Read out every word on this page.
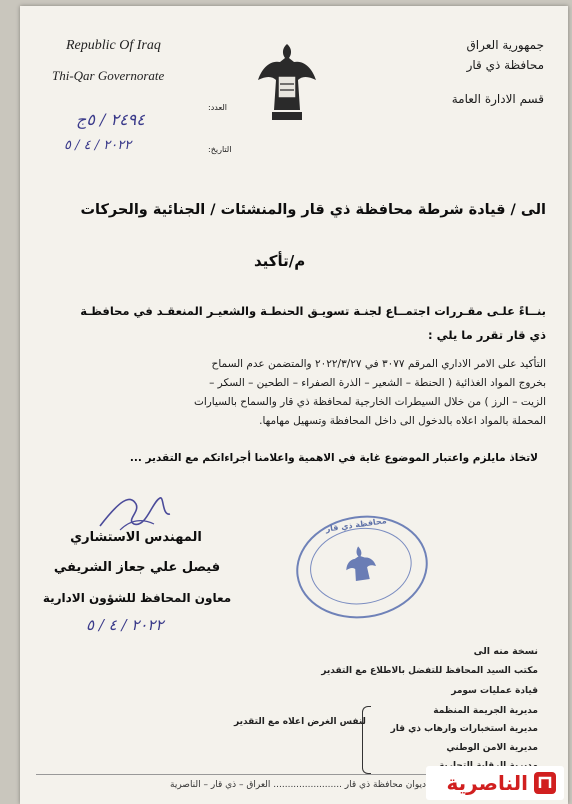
Republic Of Iraq
Thi-Qar Governorate
جمهورية العراق
محافظة ذي قار
قسم الادارة العامة
العدد:
٢٤٩٤ / ٥ج
التاريخ:
٢٠٢٢ / ٤ / ٥
الى / قيادة شرطة محافظة ذي قار والمنشئات / الجنائية والحركات
م/تأكيد
بنــاءً علـى مقـررات اجتمــاع لجنـة تسويـق الحنطـة والشعيـر المنعقـد في محافظـة
ذي قار تقرر ما يلي :
التأكيد على الامر الاداري المرقم ٣٠٧٧ في ٢٠٢٢/٣/٢٧ والمتضمن عدم السماح
بخروج المواد الغذائية ( الحنطة – الشعير – الذرة الصفراء – الطحين – السكر –
الزيت – الرز ) من خلال السيطرات الخارجية لمحافظة ذي قار والسماح بالسيارات
المحملة بالمواد اعلاه بالدخول الى داخل المحافظة وتسهيل مهامها.
لاتخاذ مايلزم واعتبار الموضوع غاية في الاهمية واعلامنا أجراءاتكم مع التقدير ...
المهندس الاستشاري
فيصل علي جعاز الشريفي
معاون المحافظ للشؤون الادارية
٢٠٢٢ / ٤ / ٥
محافظة ذي قار
نسخة منه الى
مكتب السيد المحافظ للتفضل بالاطلاع مع التقدير
قيادة عمليات سومر
مديرية الجريمة المنظمة
مديرية استخبارات وارهاب ذي قار
مديرية الامن الوطني
لنفس الغرض اعلاه مع التقدير
ديوان محافظة ذي قار ........................ العراق – ذي قار – الناصرية الناصرية
